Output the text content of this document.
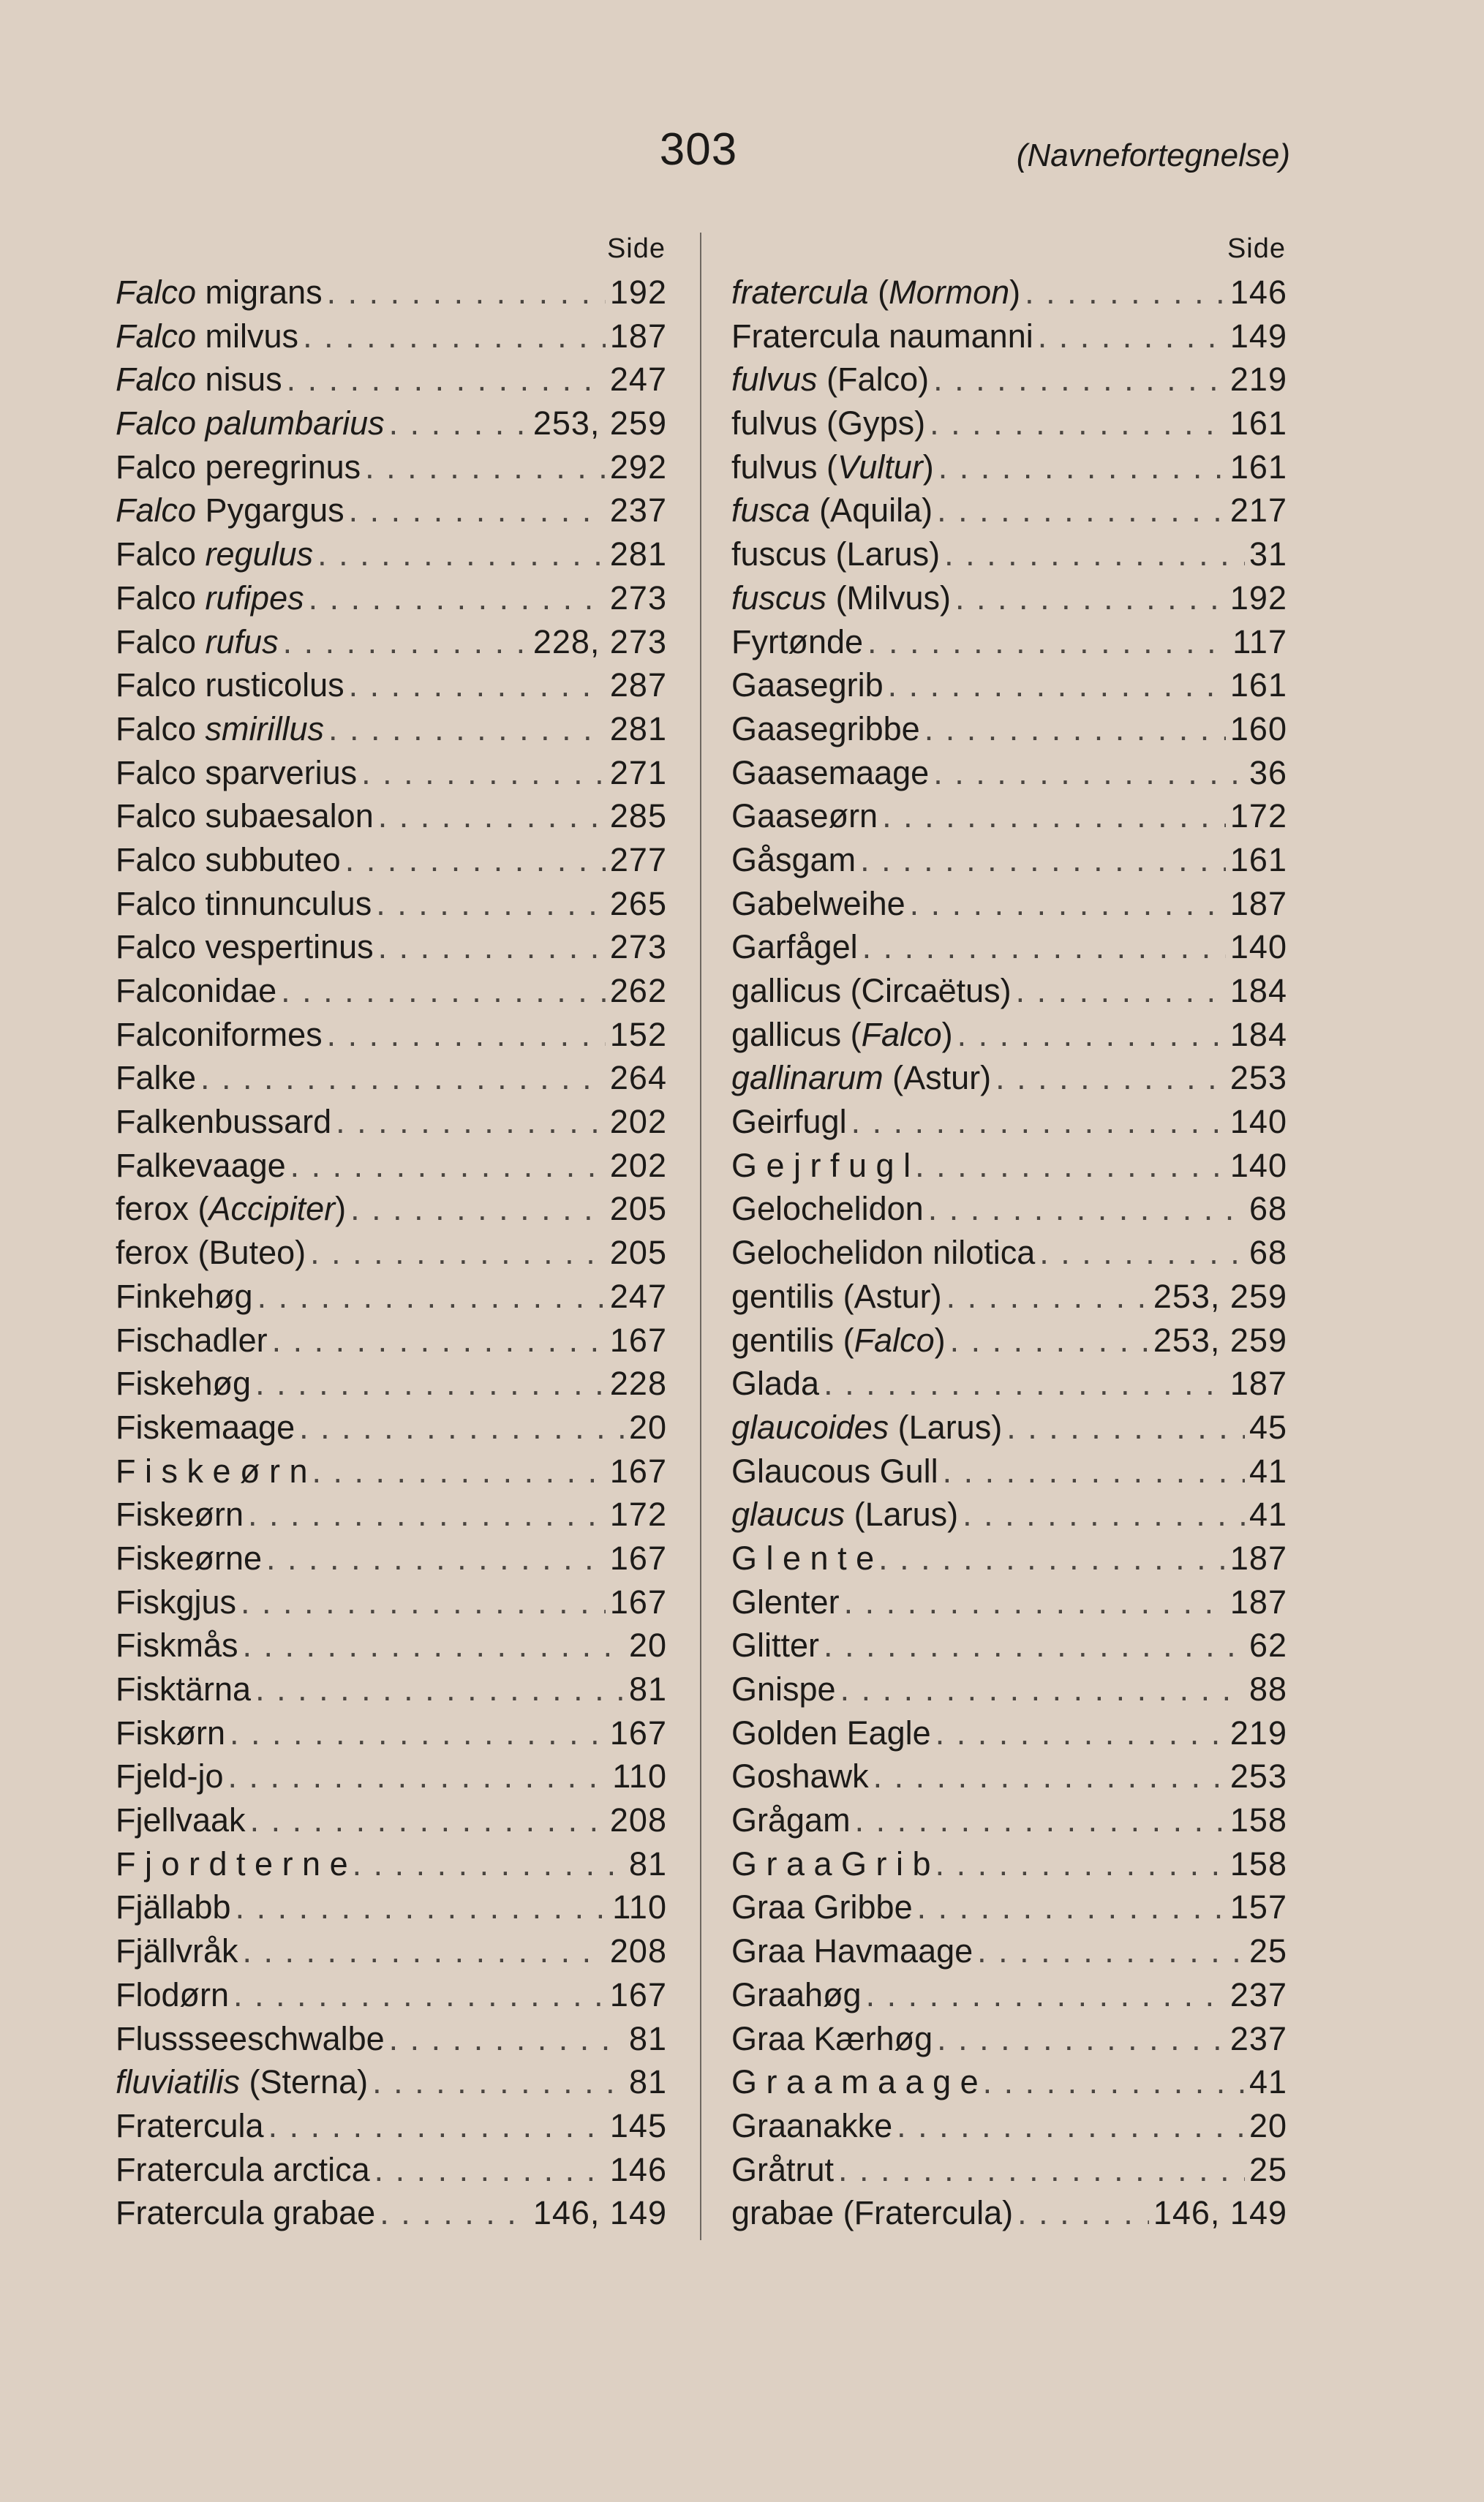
303	(Navnefortegnelse)
Side
Falco migrans . . .	192
Falco milvus . . .	187
Falco nisus . . .	247
Falco palumbarius . . .	253, 259
Falco peregrinus . . .	292
Falco Pygargus . . .	237
Falco regulus . . .	281
Falco rufipes . . .	273
Falco rufus . . .	228, 273
Falco rusticolus . . .	287
Falco smirillus . . .	281
Falco sparverius . . .	271
Falco subaesalon . . .	285
Falco subbuteo . . .	277
Falco tinnunculus . . .	265
Falco vespertinus . . .	273
Falconidae . . .	262
Falconiformes . . .	152
Falke . . .	264
Falkenbussard . . .	202
Falkevaage . . .	202
ferox (Accipiter) . . .	205
ferox (Buteo) . . .	205
Finkehøg . . .	247
Fischadler . . .	167
Fiskehøg . . .	228
Fiskemaage . . .	20
F i s k e ø r n . . .	167
Fiskeørn . . .	172
Fiskeørne . . .	167
Fiskgjus . . .	167
Fiskmås . . .	20
Fisktärna . . .	81
Fiskørn . . .	167
Fjeld-jo . . .	110
Fjellvaak . . .	208
F j o r d t e r n e . . .	81
Fjällabb . . .	110
Fjällvråk . . .	208
Flodørn . . .	167
Flussseeschwalbe . . .	81
fluviatilis (Sterna) . . .	81
Fratercula . . .	145
Fratercula arctica . . .	146
Fratercula grabae . . .	146, 149
Side
fratercula (Mormon) . . .	146
Fratercula naumanni . . .	149
fulvus (Falco) . . .	219
fulvus (Gyps) . . .	161
fulvus (Vultur) . . .	161
fusca (Aquila) . . .	217
fuscus (Larus) . . .	31
fuscus (Milvus) . . .	192
Fyrtønde . . .	117
Gaasegrib . . .	161
Gaasegribbe . . .	160
Gaasemaage . . .	36
Gaaseørn . . .	172
Gåsgam . . .	161
Gabelweihe . . .	187
Garfågel . . .	140
gallicus (Circaëtus) . . .	184
gallicus (Falco) . . .	184
gallinarum (Astur) . . .	253
Geirfugl . . .	140
G e j r f u g l . . .	140
Gelochelidon . . .	68
Gelochelidon nilotica . . .	68
gentilis (Astur) . . .	253, 259
gentilis (Falco) . . .	253, 259
Glada . . .	187
glaucoides (Larus) . . .	45
Glaucous Gull . . .	41
glaucus (Larus) . . .	41
G l e n t e . . .	187
Glenter . . .	187
Glitter . . .	62
Gnispe . . .	88
Golden Eagle . . .	219
Goshawk . . .	253
Grågam . . .	158
G r a a G r i b . . .	158
Graa Gribbe . . .	157
Graa Havmaage . . .	25
Graahøg . . .	237
Graa Kærhøg . . .	237
G r a a m a a g e . . .	41
Graanakke . . .	20
Gråtrut . . .	25
grabae (Fratercula) . . .	146, 149
